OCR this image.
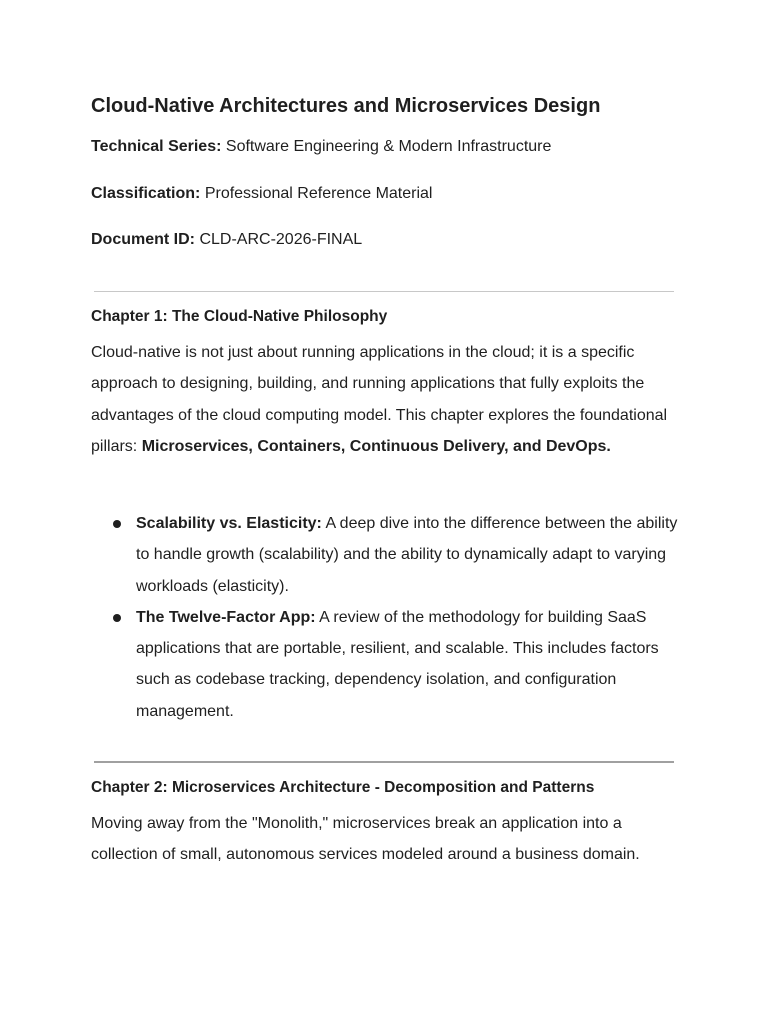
Cloud-Native Architectures and Microservices Design

Technical Series: Software Engineering & Modern Infrastructure

Classification: Professional Reference Material

Document ID: CLD-ARC-2026-FINAL

Chapter 1: The Cloud-Native Philosophy

Cloud-native is not just about running applications in the cloud; it is a specific approach to designing, building, and running applications that fully exploits the advantages of the cloud computing model. This chapter explores the foundational pillars: Microservices, Containers, Continuous Delivery, and DevOps.

Scalability vs. Elasticity: A deep dive into the difference between the ability to handle growth (scalability) and the ability to dynamically adapt to varying workloads (elasticity).
The Twelve-Factor App: A review of the methodology for building SaaS applications that are portable, resilient, and scalable. This includes factors such as codebase tracking, dependency isolation, and configuration management.
Chapter 2: Microservices Architecture - Decomposition and Patterns

Moving away from the "Monolith," microservices break an application into a collection of small, autonomous services modeled around a business domain.
